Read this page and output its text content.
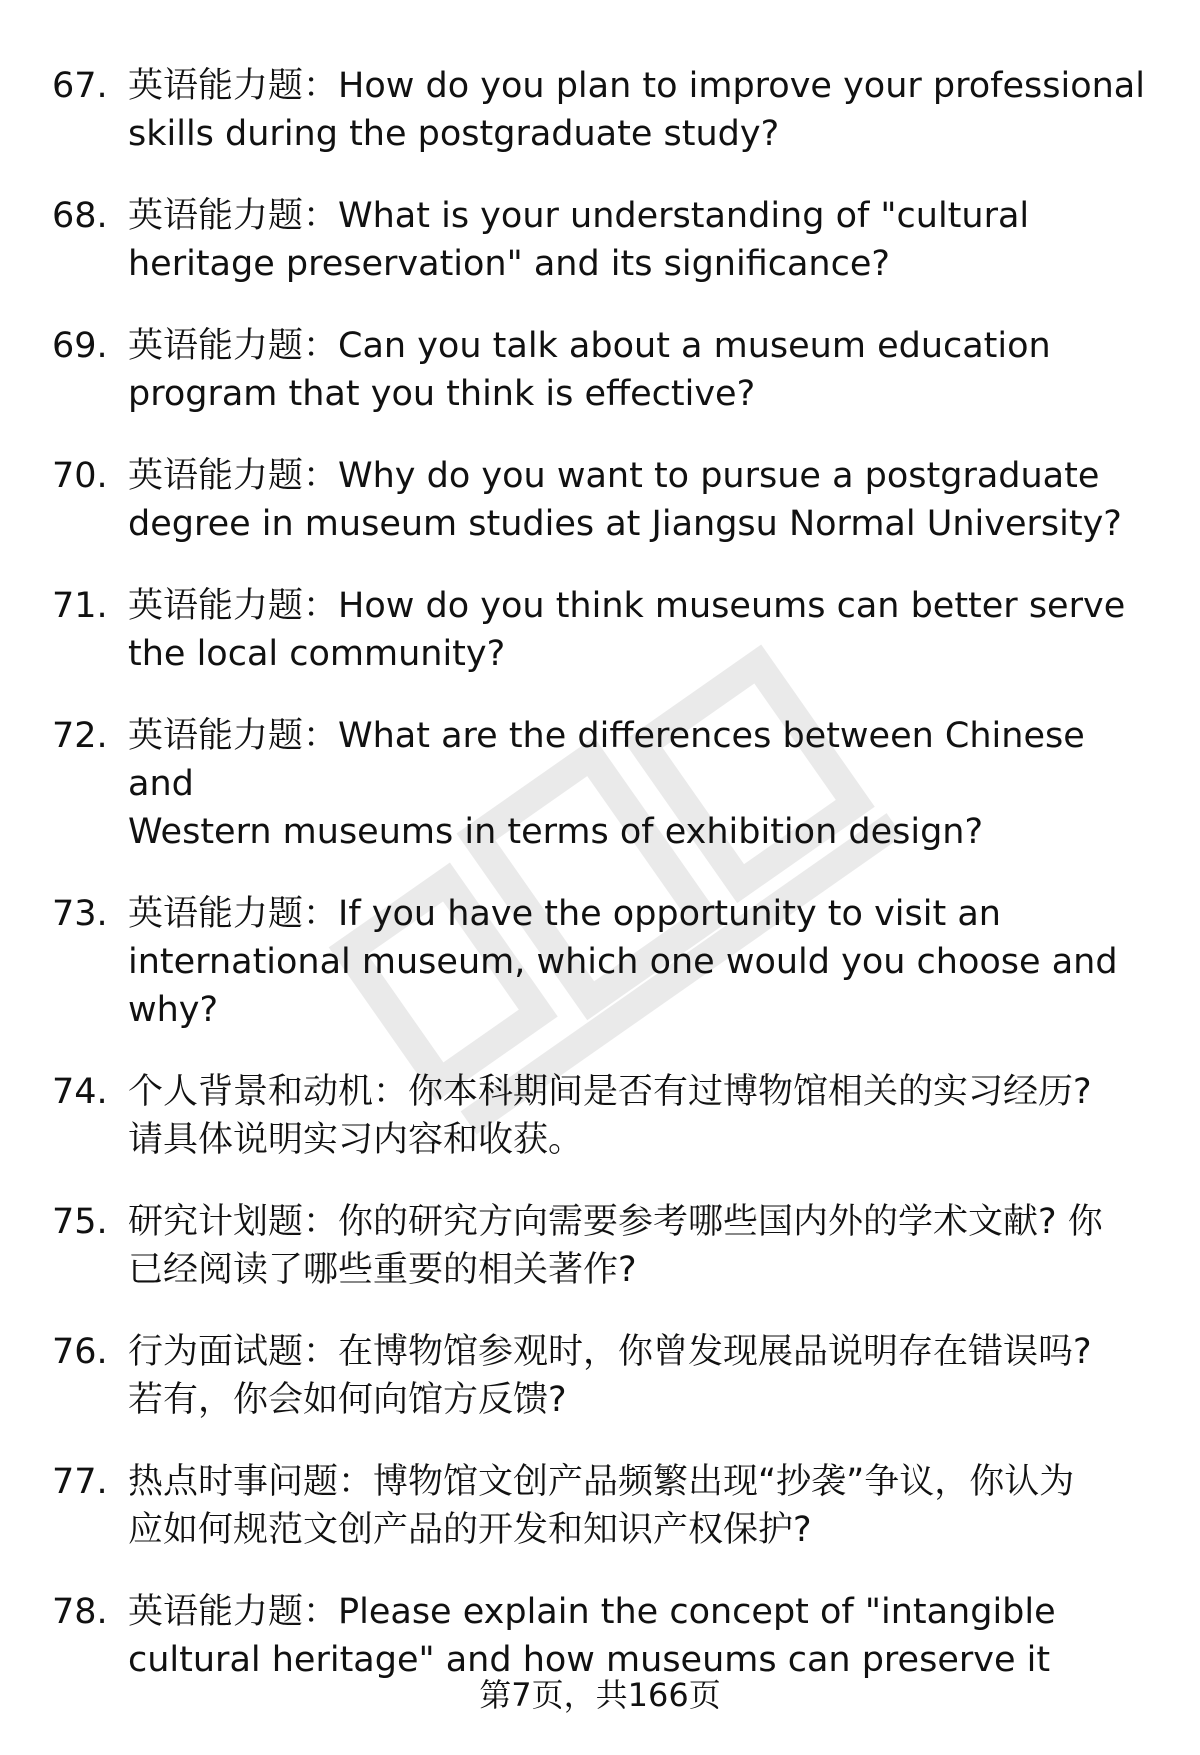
67. 英语能力题：How do you plan to improve your professional
skills during the postgraduate study?
68. 英语能力题：What is your understanding of "cultural
heritage preservation" and its significance?
69. 英语能力题：Can you talk about a museum education
program that you think is effective?
70. 英语能力题：Why do you want to pursue a postgraduate
degree in museum studies at Jiangsu Normal University?
71. 英语能力题：How do you think museums can better serve
the local community?
72. 英语能力题：What are the differences between Chinese and
Western museums in terms of exhibition design?
73. 英语能力题：If you have the opportunity to visit an
international museum, which one would you choose and
why?
74. 个人背景和动机：你本科期间是否有过博物馆相关的实习经历?
请具体说明实习内容和收获。
75. 研究计划题：你的研究方向需要参考哪些国内外的学术文献? 你
已经阅读了哪些重要的相关著作?
76. 行为面试题：在博物馆参观时，你曾发现展品说明存在错误吗?
若有，你会如何向馆方反馈?
77. 热点时事问题：博物馆文创产品频繁出现“抄袭”争议，你认为
应如何规范文创产品的开发和知识产权保护?
78. 英语能力题：Please explain the concept of "intangible
cultural heritage" and how museums can preserve it
第7页，共166页
